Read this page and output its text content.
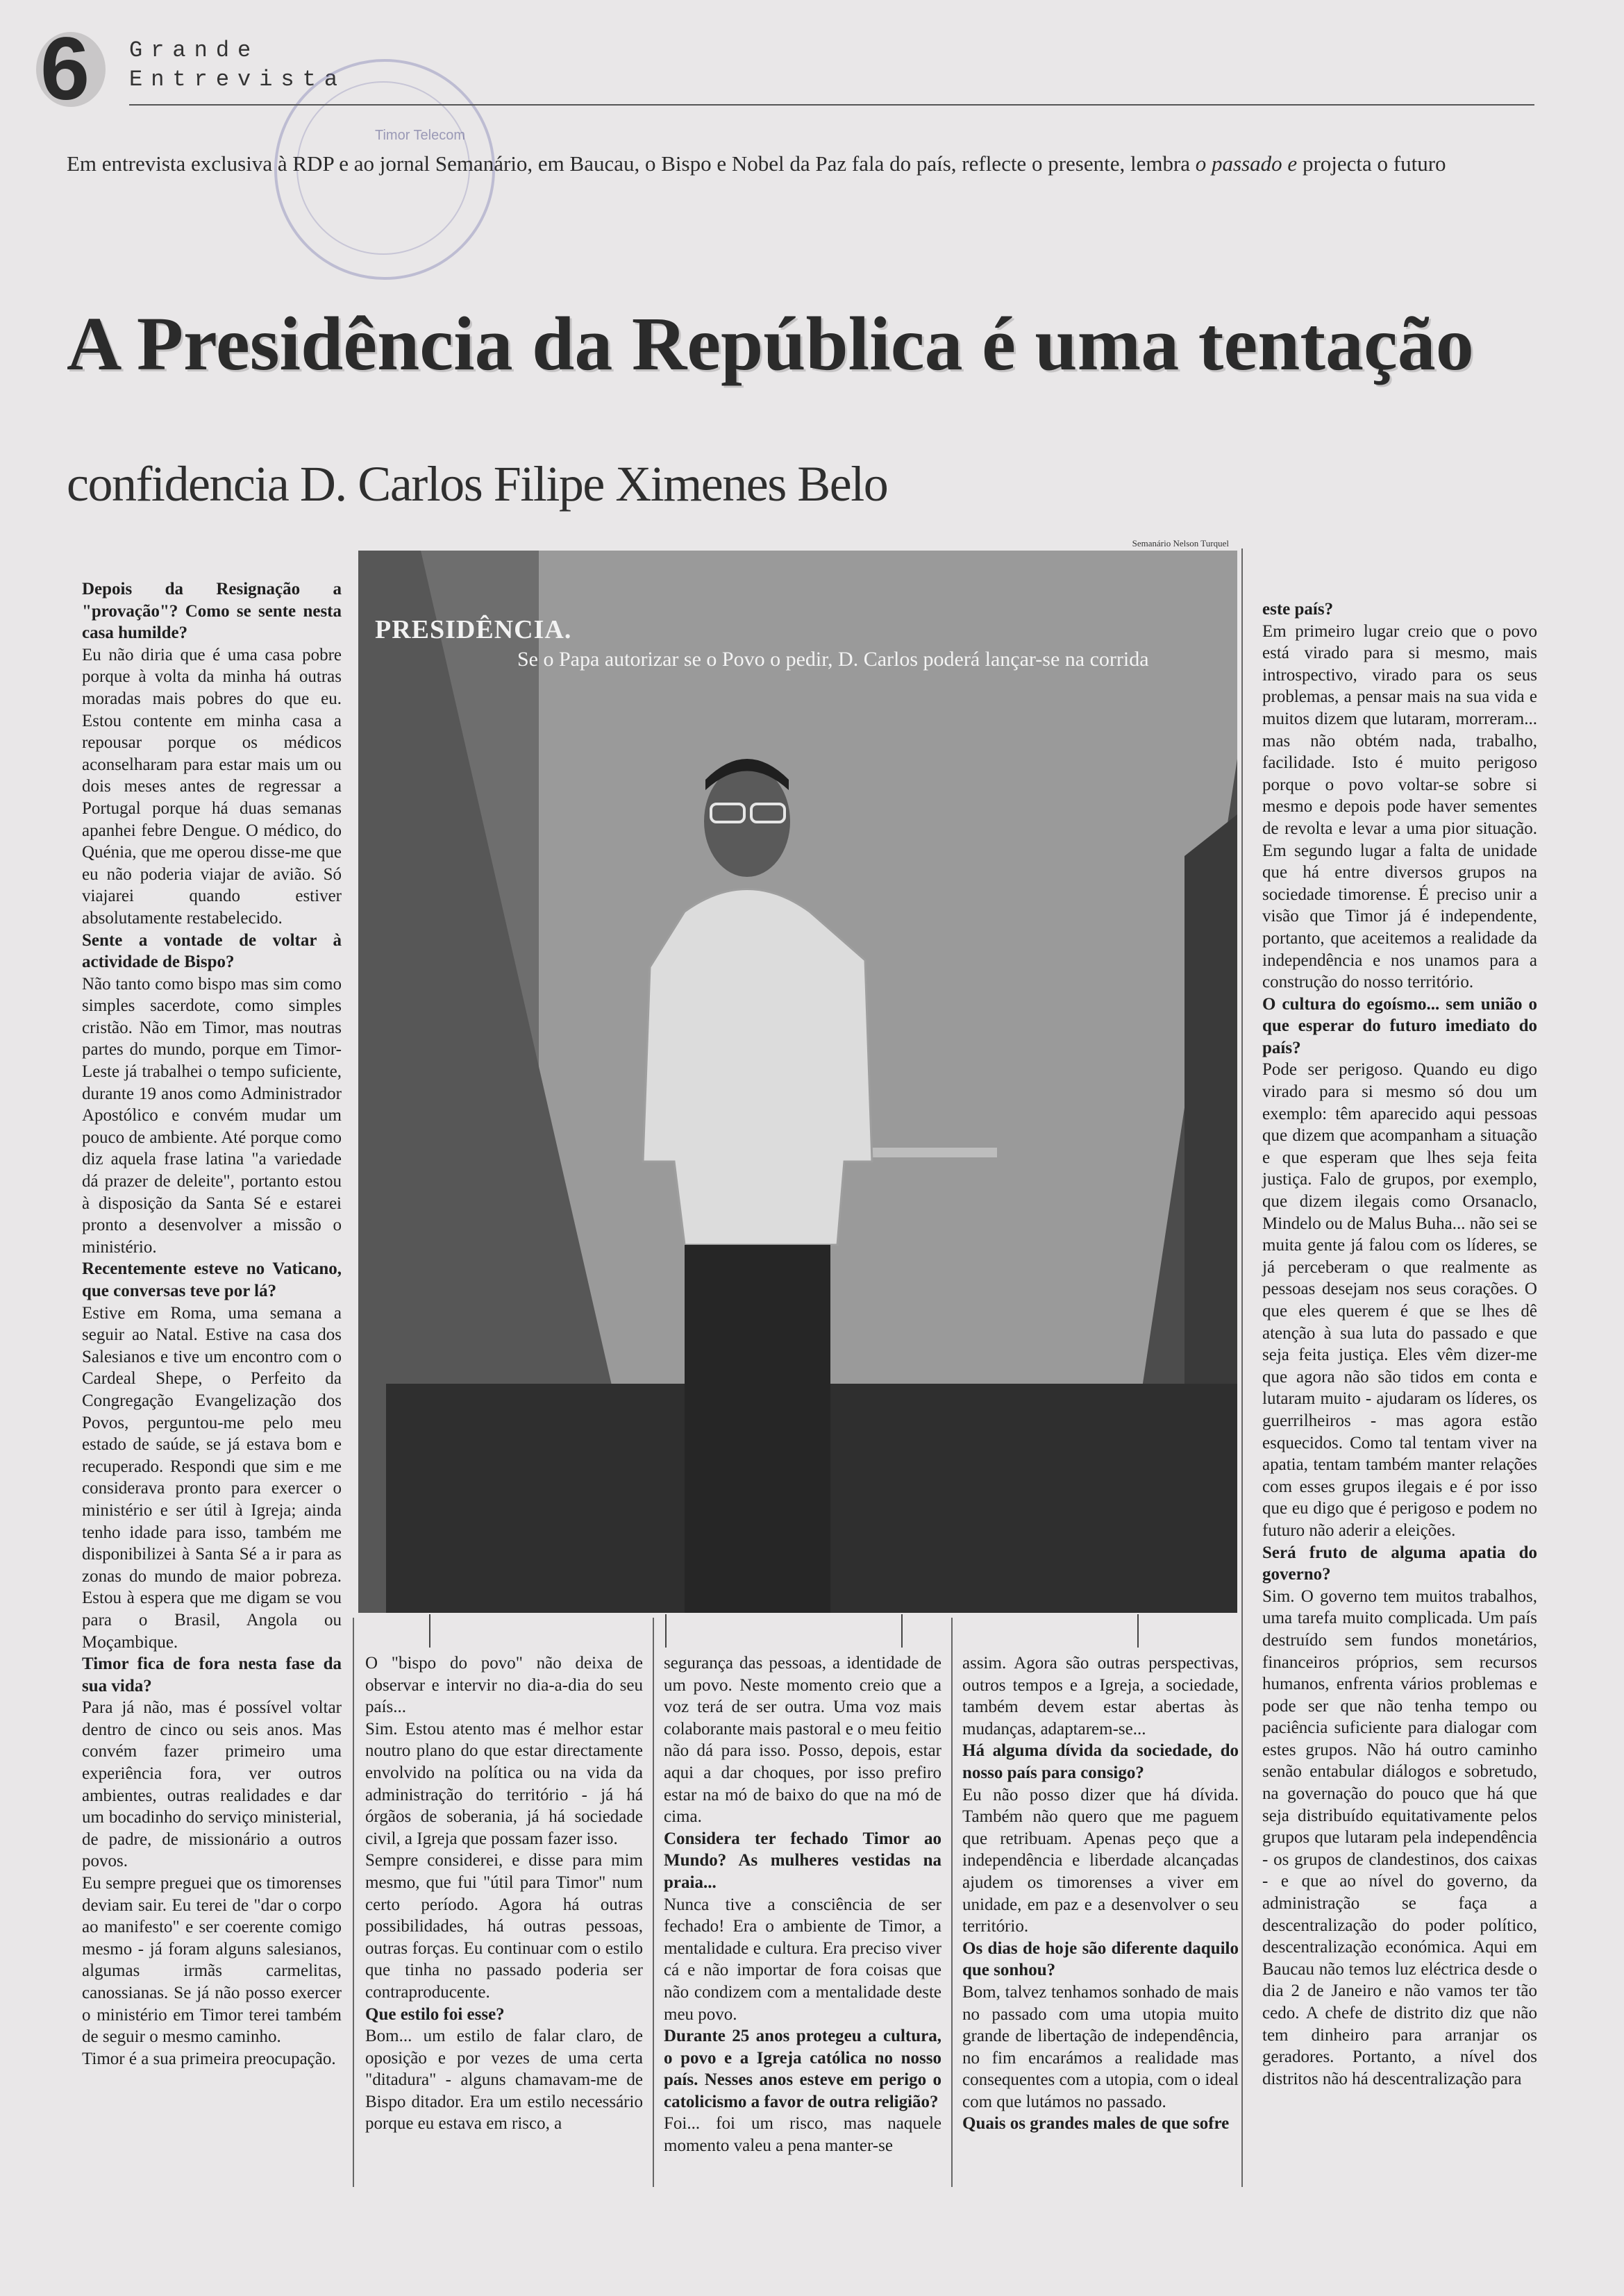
6	Grande
Entrevista
Timor Telecom
Em entrevista exclusiva à RDP e ao jornal Semanário, em Baucau, o Bispo e Nobel da Paz fala do país, reflecte o presente, lembra o passado e projecta o futuro
A Presidência da República é uma tentação
confidencia D. Carlos Filipe Ximenes Belo
Semanário Nelson Turquel
PRESIDÊNCIA.
Se o Papa autorizar se o Povo o pedir, D. Carlos poderá lançar-se na corrida

Depois da Resignação a "provação"? Como se sente nesta casa humilde?

Eu não diria que é uma casa pobre porque à volta da minha há outras moradas mais pobres do que eu. Estou contente em minha casa a repousar porque os médicos aconselharam para estar mais um ou dois meses antes de regressar a Portugal porque há duas semanas apanhei febre Dengue. O médico, do Quénia, que me operou disse-me que eu não poderia viajar de avião. Só viajarei quando estiver absolutamente restabelecido.

Sente a vontade de voltar à actividade de Bispo?

Não tanto como bispo mas sim como simples sacerdote, como simples cristão. Não em Timor, mas noutras partes do mundo, porque em Timor-Leste já trabalhei o tempo suficiente, durante 19 anos como Administrador Apostólico e convém mudar um pouco de ambiente. Até porque como diz aquela frase latina "a variedade dá prazer de deleite", portanto estou à disposição da Santa Sé e estarei pronto a desenvolver a missão o ministério.

Recentemente esteve no Vaticano, que conversas teve por lá?

Estive em Roma, uma semana a seguir ao Natal. Estive na casa dos Salesianos e tive um encontro com o Cardeal Shepe, o Perfeito da Congregação Evangelização dos Povos, perguntou-me pelo meu estado de saúde, se já estava bom e recuperado. Respondi que sim e me considerava pronto para exercer o ministério e ser útil à Igreja; ainda tenho idade para isso, também me disponibilizei à Santa Sé a ir para as zonas do mundo de maior pobreza. Estou à espera que me digam se vou para o Brasil, Angola ou Moçambique.

Timor fica de fora nesta fase da sua vida?

Para já não, mas é possível voltar dentro de cinco ou seis anos. Mas convém fazer primeiro uma experiência fora, ver outros ambientes, outras realidades e dar um bocadinho do serviço ministerial, de padre, de missionário a outros povos.

Eu sempre preguei que os timorenses deviam sair. Eu terei de "dar o corpo ao manifesto" e ser coerente comigo mesmo - já foram alguns salesianos, algumas irmãs carmelitas, canossianas. Se já não posso exercer o ministério em Timor terei também de seguir o mesmo caminho.

Timor é a sua primeira preocupação.

O "bispo do povo" não deixa de observar e intervir no dia-a-dia do seu país...

Sim. Estou atento mas é melhor estar noutro plano do que estar directamente envolvido na política ou na vida da administração do território - já há órgãos de soberania, já há sociedade civil, a Igreja que possam fazer isso.

Sempre considerei, e disse para mim mesmo, que fui "útil para Timor" num certo período. Agora há outras possibilidades, há outras pessoas, outras forças. Eu continuar com o estilo que tinha no passado poderia ser contraproducente.

Que estilo foi esse?

Bom... um estilo de falar claro, de oposição e por vezes de uma certa "ditadura" - alguns chamavam-me de Bispo ditador. Era um estilo necessário porque eu estava em risco, a

segurança das pessoas, a identidade de um povo. Neste momento creio que a voz terá de ser outra. Uma voz mais colaborante mais pastoral e o meu feitio não dá para isso. Posso, depois, estar aqui a dar choques, por isso prefiro estar na mó de baixo do que na mó de cima.

Considera ter fechado Timor ao Mundo? As mulheres vestidas na praia...

Nunca tive a consciência de ser fechado! Era o ambiente de Timor, a mentalidade e cultura. Era preciso viver cá e não importar de fora coisas que não condizem com a mentalidade deste meu povo.

Durante 25 anos protegeu a cultura, o povo e a Igreja católica no nosso país. Nesses anos esteve em perigo o catolicismo a favor de outra religião?

Foi... foi um risco, mas naquele momento valeu a pena manter-se

assim. Agora são outras perspectivas, outros tempos e a Igreja, a sociedade, também devem estar abertas às mudanças, adaptarem-se...

Há alguma dívida da sociedade, do nosso país para consigo?

Eu não posso dizer que há dívida. Também não quero que me paguem que retribuam. Apenas peço que a independência e liberdade alcançadas ajudem os timorenses a viver em unidade, em paz e a desenvolver o seu território.

Os dias de hoje são diferente daquilo que sonhou?

Bom, talvez tenhamos sonhado de mais no passado com uma utopia muito grande de libertação de independência, no fim encarámos a realidade mas consequentes com a utopia, com o ideal com que lutámos no passado.

Quais os grandes males de que sofre

este país?

Em primeiro lugar creio que o povo está virado para si mesmo, mais introspectivo, virado para os seus problemas, a pensar mais na sua vida e muitos dizem que lutaram, morreram... mas não obtém nada, trabalho, facilidade. Isto é muito perigoso porque o povo voltar-se sobre si mesmo e depois pode haver sementes de revolta e levar a uma pior situação. Em segundo lugar a falta de unidade que há entre diversos grupos na sociedade timorense. É preciso unir a visão que Timor já é independente, portanto, que aceitemos a realidade da independência e nos unamos para a construção do nosso território.

O cultura do egoísmo... sem união o que esperar do futuro imediato do país?

Pode ser perigoso. Quando eu digo virado para si mesmo só dou um exemplo: têm aparecido aqui pessoas que dizem que acompanham a situação e que esperam que lhes seja feita justiça. Falo de grupos, por exemplo, que dizem ilegais como Orsanaclo, Mindelo ou de Malus Buha... não sei se muita gente já falou com os líderes, se já perceberam o que realmente as pessoas desejam nos seus corações. O que eles querem é que se lhes dê atenção à sua luta do passado e que seja feita justiça. Eles vêm dizer-me que agora não são tidos em conta e lutaram muito - ajudaram os líderes, os guerrilheiros - mas agora estão esquecidos. Como tal tentam viver na apatia, tentam também manter relações com esses grupos ilegais e é por isso que eu digo que é perigoso e podem no futuro não aderir a eleições.

Será fruto de alguma apatia do governo?

Sim. O governo tem muitos trabalhos, uma tarefa muito complicada. Um país destruído sem fundos monetários, financeiros próprios, sem recursos humanos, enfrenta vários problemas e pode ser que não tenha tempo ou paciência suficiente para dialogar com estes grupos. Não há outro caminho senão entabular diálogos e sobretudo, na governação do pouco que há que seja distribuído equitativamente pelos grupos que lutaram pela independência - os grupos de clandestinos, dos caixas - e que ao nível do governo, da administração se faça a descentralização do poder político, descentralização económica. Aqui em Baucau não temos luz eléctrica desde o dia 2 de Janeiro e não vamos ter tão cedo. A chefe de distrito diz que não tem dinheiro para arranjar os geradores. Portanto, a nível dos distritos não há descentralização para
